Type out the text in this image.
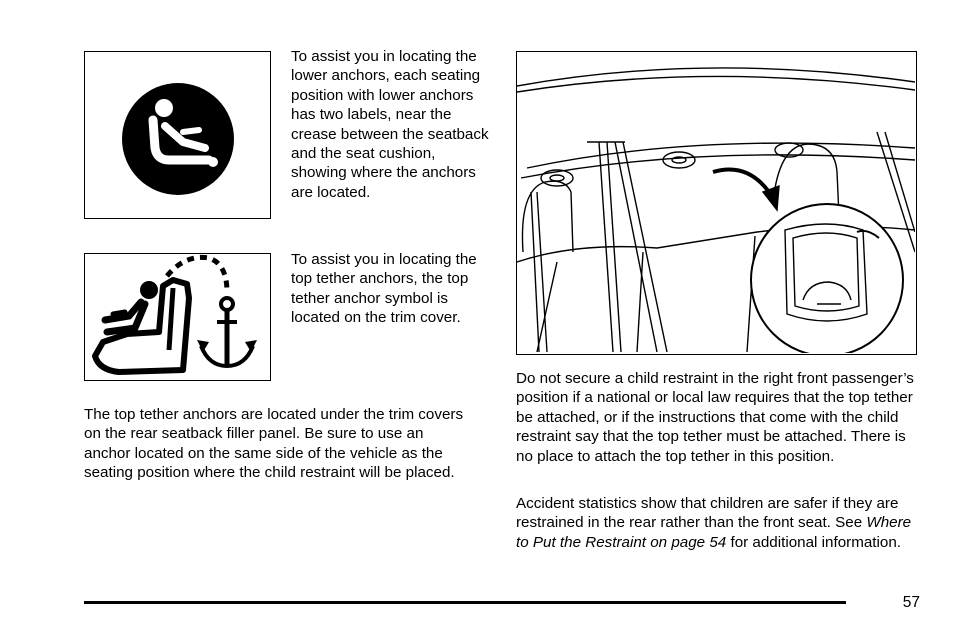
To assist you in locating the lower anchors, each seating position with lower anchors has two labels, near the crease between the seatback and the seat cushion, showing where the anchors are located.

To assist you in locating the top tether anchors, the top tether anchor symbol is located on the trim cover.

The top tether anchors are located under the trim covers on the rear seatback filler panel. Be sure to use an anchor located on the same side of the vehicle as the seating position where the child restraint will be placed.

Do not secure a child restraint in the right front passenger’s position if a national or local law requires that the top tether be attached, or if the instructions that come with the child restraint say that the top tether must be attached. There is no place to attach the top tether in this position.

Accident statistics show that children are safer if they are restrained in the rear rather than the front seat. See Where to Put the Restraint on page 54 for additional information.

57
